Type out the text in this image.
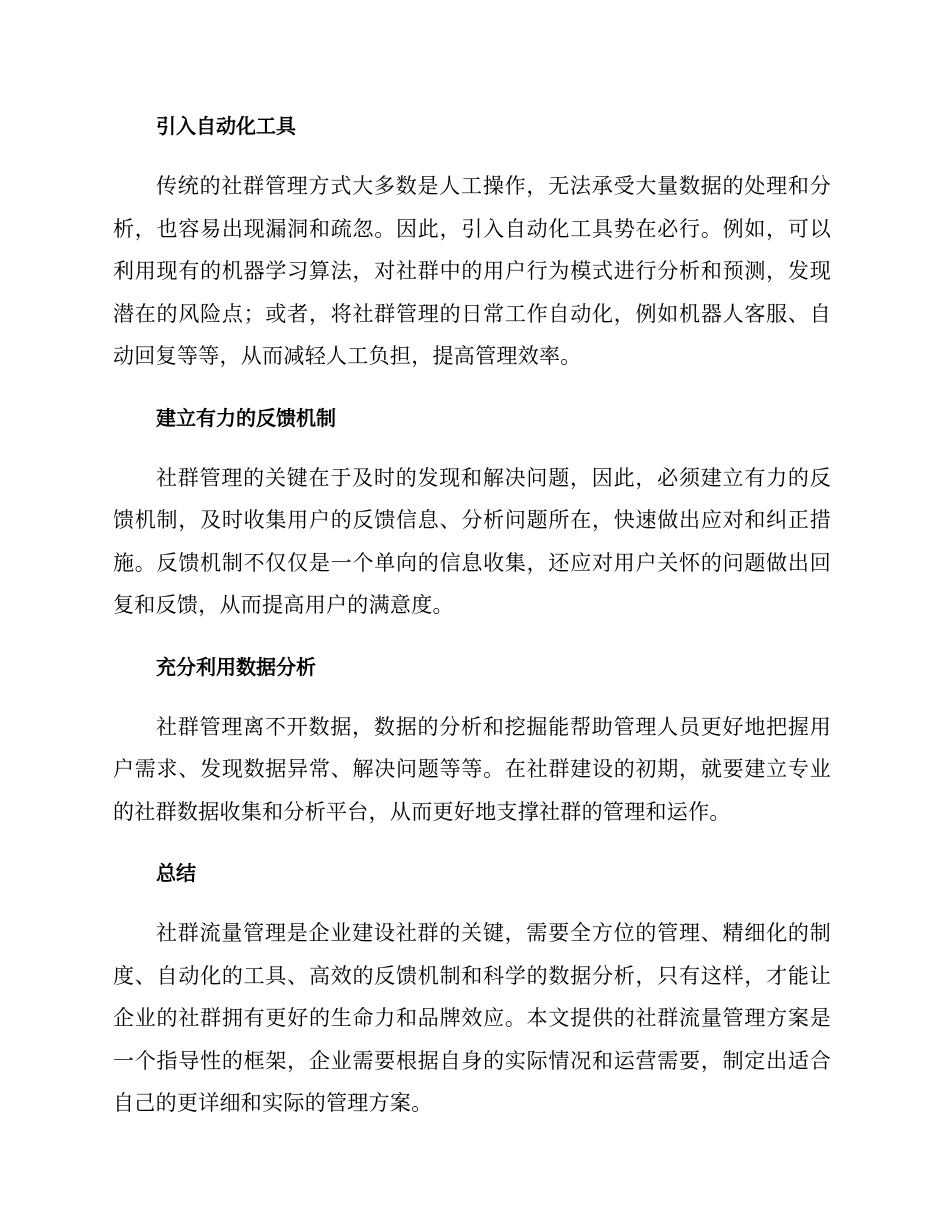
引入自动化工具

传统的社群管理方式大多数是人工操作，无法承受大量数据的处理和分析，也容易出现漏洞和疏忽。因此，引入自动化工具势在必行。例如，可以利用现有的机器学习算法，对社群中的用户行为模式进行分析和预测，发现潜在的风险点；或者，将社群管理的日常工作自动化，例如机器人客服、自动回复等等，从而减轻人工负担，提高管理效率。

建立有力的反馈机制

社群管理的关键在于及时的发现和解决问题，因此，必须建立有力的反馈机制，及时收集用户的反馈信息、分析问题所在，快速做出应对和纠正措施。反馈机制不仅仅是一个单向的信息收集，还应对用户关怀的问题做出回复和反馈，从而提高用户的满意度。

充分利用数据分析

社群管理离不开数据，数据的分析和挖掘能帮助管理人员更好地把握用户需求、发现数据异常、解决问题等等。在社群建设的初期，就要建立专业的社群数据收集和分析平台，从而更好地支撑社群的管理和运作。

总结

社群流量管理是企业建设社群的关键，需要全方位的管理、精细化的制度、自动化的工具、高效的反馈机制和科学的数据分析，只有这样，才能让企业的社群拥有更好的生命力和品牌效应。本文提供的社群流量管理方案是一个指导性的框架，企业需要根据自身的实际情况和运营需要，制定出适合自己的更详细和实际的管理方案。
